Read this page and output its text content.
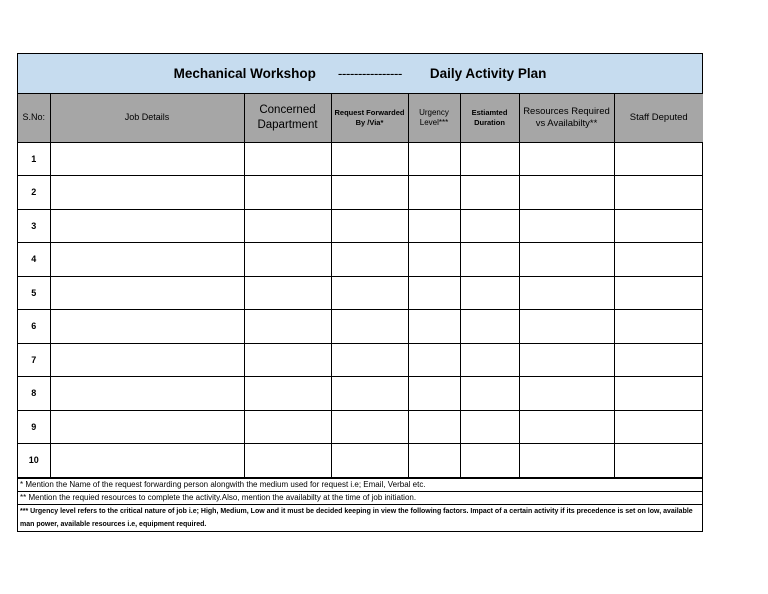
Mechanical Workshop ---------------- Daily Activity Plan
S.No:	Job Details	Concerned Dapartment	Request Forwarded By /Via*	Urgency Level***	Estiamted Duration	Resources Required vs Availabilty**	Staff Deputed
1							
2							
3							
4							
5							
6							
7							
8							
9							
10							
* Mention the Name of the request forwarding person alongwith the medium used for request i.e; Email, Verbal etc.
** Mention the requied resources to complete the activity.Also, mention the availabilty at the time of job initiation.
*** Urgency level refers to the critical nature of job i.e; High, Medium, Low and it must be decided keeping in view the following factors. Impact of a certain activity if its precedence is set on low, available man power, available resources i.e, equipment required.
